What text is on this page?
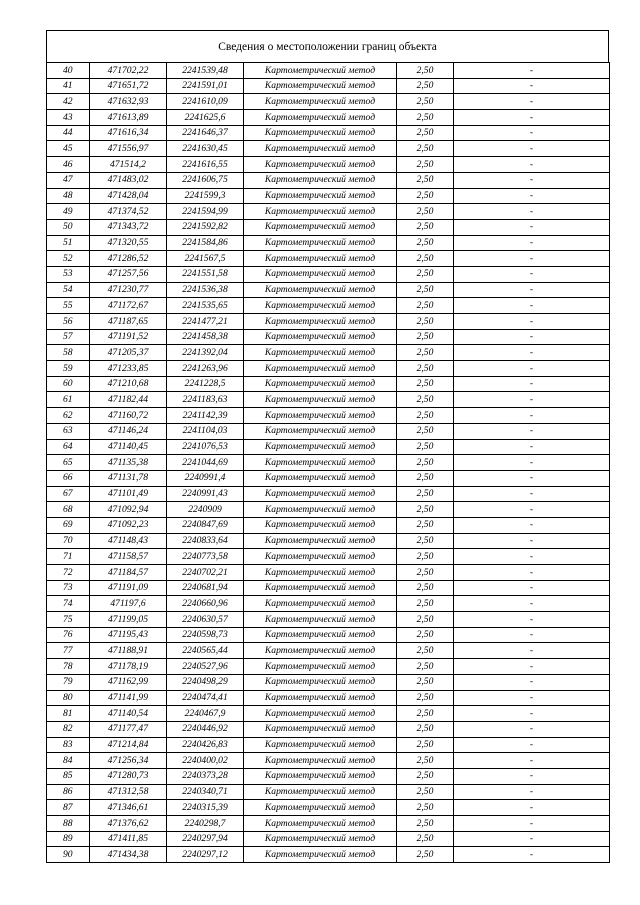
Сведения о местоположении границ объекта
40	471702,22	2241539,48	Картометрический метод	2,50	-
41	471651,72	2241591,01	Картометрический метод	2,50	-
42	471632,93	2241610,09	Картометрический метод	2,50	-
43	471613,89	2241625,6	Картометрический метод	2,50	-
44	471616,34	2241646,37	Картометрический метод	2,50	-
45	471556,97	2241630,45	Картометрический метод	2,50	-
46	471514,2	2241616,55	Картометрический метод	2,50	-
47	471483,02	2241606,75	Картометрический метод	2,50	-
48	471428,04	2241599,3	Картометрический метод	2,50	-
49	471374,52	2241594,99	Картометрический метод	2,50	-
50	471343,72	2241592,82	Картометрический метод	2,50	-
51	471320,55	2241584,86	Картометрический метод	2,50	-
52	471286,52	2241567,5	Картометрический метод	2,50	-
53	471257,56	2241551,58	Картометрический метод	2,50	-
54	471230,77	2241536,38	Картометрический метод	2,50	-
55	471172,67	2241535,65	Картометрический метод	2,50	-
56	471187,65	2241477,21	Картометрический метод	2,50	-
57	471191,52	2241458,38	Картометрический метод	2,50	-
58	471205,37	2241392,04	Картометрический метод	2,50	-
59	471233,85	2241263,96	Картометрический метод	2,50	-
60	471210,68	2241228,5	Картометрический метод	2,50	-
61	471182,44	2241183,63	Картометрический метод	2,50	-
62	471160,72	2241142,39	Картометрический метод	2,50	-
63	471146,24	2241104,03	Картометрический метод	2,50	-
64	471140,45	2241076,53	Картометрический метод	2,50	-
65	471135,38	2241044,69	Картометрический метод	2,50	-
66	471131,78	2240991,4	Картометрический метод	2,50	-
67	471101,49	2240991,43	Картометрический метод	2,50	-
68	471092,94	2240909	Картометрический метод	2,50	-
69	471092,23	2240847,69	Картометрический метод	2,50	-
70	471148,43	2240833,64	Картометрический метод	2,50	-
71	471158,57	2240773,58	Картометрический метод	2,50	-
72	471184,57	2240702,21	Картометрический метод	2,50	-
73	471191,09	2240681,94	Картометрический метод	2,50	-
74	471197,6	2240660,96	Картометрический метод	2,50	-
75	471199,05	2240630,57	Картометрический метод	2,50	-
76	471195,43	2240598,73	Картометрический метод	2,50	-
77	471188,91	2240565,44	Картометрический метод	2,50	-
78	471178,19	2240527,96	Картометрический метод	2,50	-
79	471162,99	2240498,29	Картометрический метод	2,50	-
80	471141,99	2240474,41	Картометрический метод	2,50	-
81	471140,54	2240467,9	Картометрический метод	2,50	-
82	471177,47	2240446,92	Картометрический метод	2,50	-
83	471214,84	2240426,83	Картометрический метод	2,50	-
84	471256,34	2240400,02	Картометрический метод	2,50	-
85	471280,73	2240373,28	Картометрический метод	2,50	-
86	471312,58	2240340,71	Картометрический метод	2,50	-
87	471346,61	2240315,39	Картометрический метод	2,50	-
88	471376,62	2240298,7	Картометрический метод	2,50	-
89	471411,85	2240297,94	Картометрический метод	2,50	-
90	471434,38	2240297,12	Картометрический метод	2,50	-
